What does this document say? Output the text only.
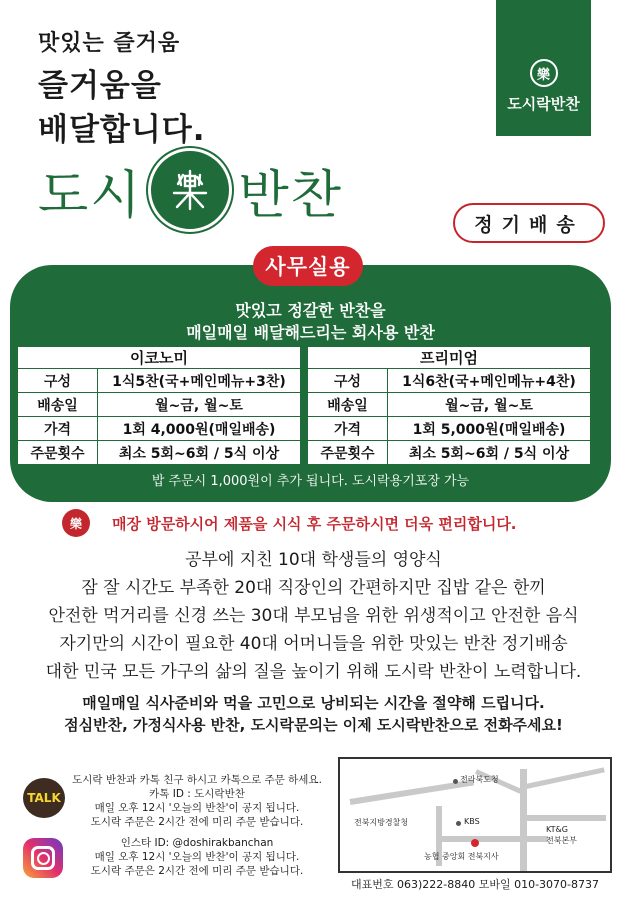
맛있는 즐거움
즐거움을
배달합니다.
樂
도시락반찬
도시 반찬	정기배송
사무실용
맛있고 정갈한 반찬을
매일매일 배달해드리는 회사용 반찬
이코노미	
구성	1식5찬(국+메인메뉴+3찬)
배송일	월~금, 월~토
가격	1회 4,000원(매일배송)
주문횟수	최소 5회~6회 / 5식 이상
프리미엄	
구성	1식6찬(국+메인메뉴+4찬)
배송일	월~금, 월~토
가격	1회 5,000원(매일배송)
주문횟수	최소 5회~6회 / 5식 이상
밥 주문시 1,000원이 추가 됩니다. 도시락용기포장 가능
樂 매장 방문하시어 제품을 시식 후 주문하시면 더욱 편리합니다.
공부에 지친 10대 학생들의 영양식
잠 잘 시간도 부족한 20대 직장인의 간편하지만 집밥 같은 한끼
안전한 먹거리를 신경 쓰는 30대 부모님을 위한 위생적이고 안전한 음식
자기만의 시간이 필요한 40대 어머니들을 위한 맛있는 반찬 정기배송
대한 민국 모든 가구의 삶의 질을 높이기 위해 도시락 반찬이 노력합니다.
매일매일 식사준비와 먹을 고민으로 낭비되는 시간을 절약해 드립니다.
점심반찬, 가정식사용 반찬, 도시락문의는 이제 도시락반찬으로 전화주세요!
TALK
도시락 반찬과 카톡 친구 하시고 카톡으로 주문 하세요.
카톡 ID : 도시락반찬
매일 오후 12시 '오늘의 반찬'이 공지 됩니다.
도시락 주문은 2시간 전에 미리 주문 받습니다.
인스타 ID: @doshirakbanchan
매일 오후 12시 '오늘의 반찬'이 공지 됩니다.
도시락 주문은 2시간 전에 미리 주문 받습니다.
전라북도청
전북지방경찰청	KBS
KT&G
전북본부
농협 중앙회 전북지사
대표번호 063)222-8840 모바일 010-3070-8737
